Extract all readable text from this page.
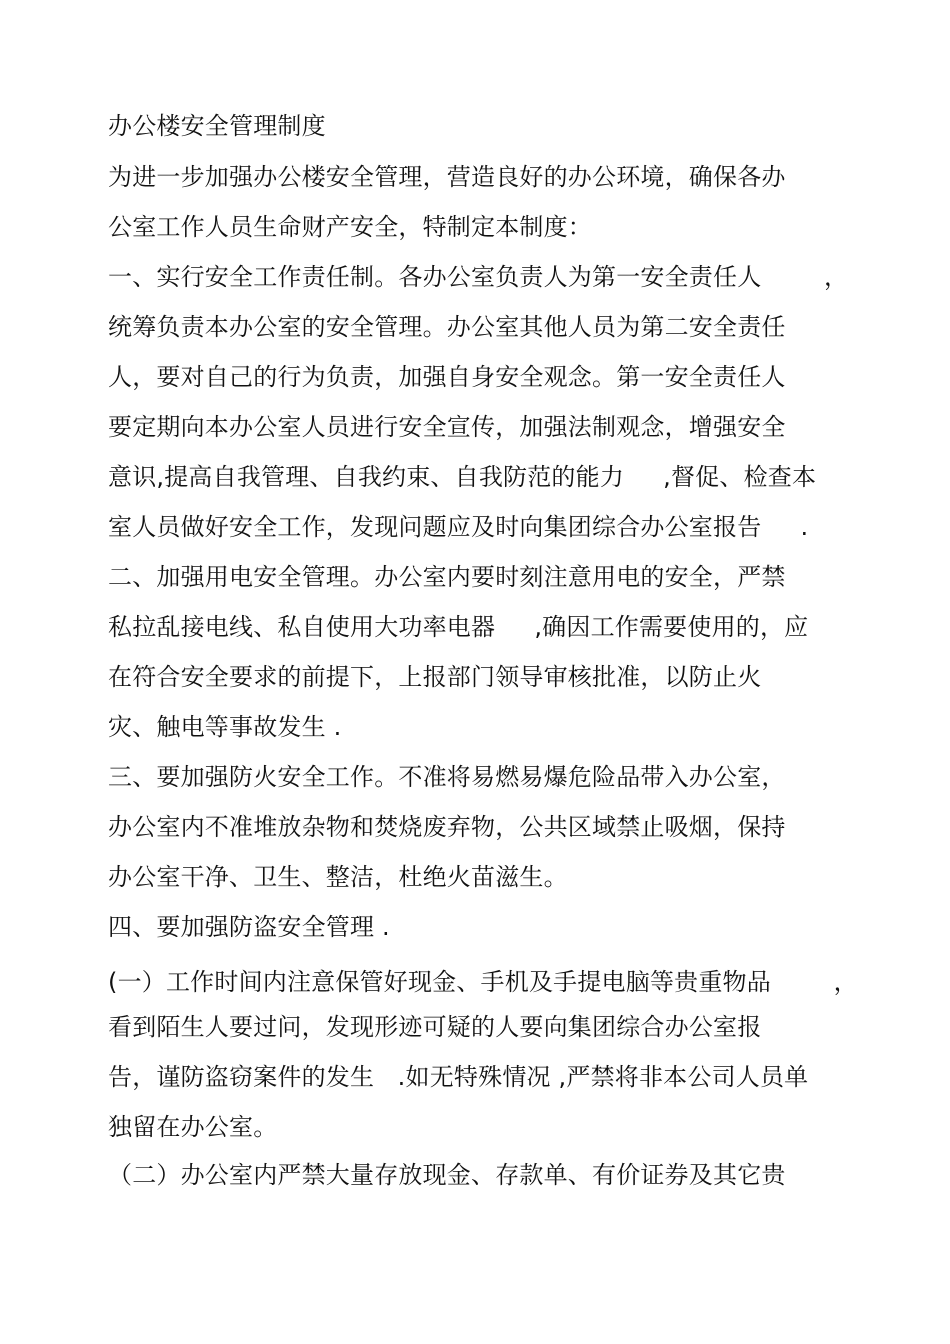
办公楼安全管理制度
为进一步加强办公楼安全管理，营造良好的办公环境，确保各办
公室工作人员生命财产安全，特制定本制度：
一、实行安全工作责任制。各办公室负责人为第一安全责任人        ，
统筹负责本办公室的安全管理。办公室其他人员为第二安全责任
人，要对自己的行为负责，加强自身安全观念。第一安全责任人
要定期向本办公室人员进行安全宣传，加强法制观念，增强安全
意识,提高自我管理、自我约束、自我防范的能力     ,督促、检查本
室人员做好安全工作，发现问题应及时向集团综合办公室报告     .
二、加强用电安全管理。办公室内要时刻注意用电的安全，严禁
私拉乱接电线、私自使用大功率电器     ,确因工作需要使用的，应
在符合安全要求的前提下，上报部门领导审核批准，以防止火
灾、触电等事故发生 .
三、要加强防火安全工作。不准将易燃易爆危险品带入办公室，
办公室内不准堆放杂物和焚烧废弃物，公共区域禁止吸烟，保持
办公室干净、卫生、整洁，杜绝火苗滋生。
四、要加强防盗安全管理 .
(一）工作时间内注意保管好现金、手机及手提电脑等贵重物品        ，
看到陌生人要过问，发现形迹可疑的人要向集团综合办公室报
告，谨防盗窃案件的发生   .如无特殊情况 ,严禁将非本公司人员单
独留在办公室。
（二）办公室内严禁大量存放现金、存款单、有价证券及其它贵
